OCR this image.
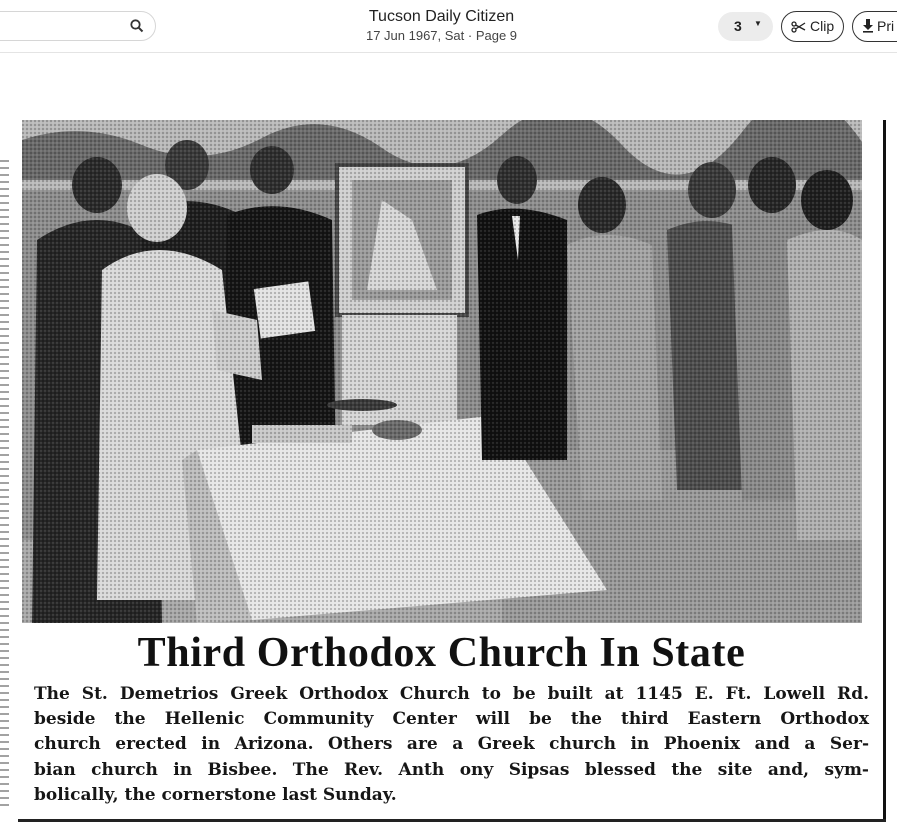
Tucson Daily Citizen
17 Jun 1967, Sat · Page 9
3 ▼	Clip	Pri
Third Orthodox Church In State
The St. Demetrios Greek Orthodox Church to be built at 1145 E. Ft. Lowell Rd.
beside the Hellenic Community Center will be the third Eastern Orthodox
church erected in Arizona. Others are a Greek church in Phoenix and a Ser-
bian church in Bisbee. The Rev. Anth ony Sipsas blessed the site and, sym-
bolically, the cornerstone last Sunday.
